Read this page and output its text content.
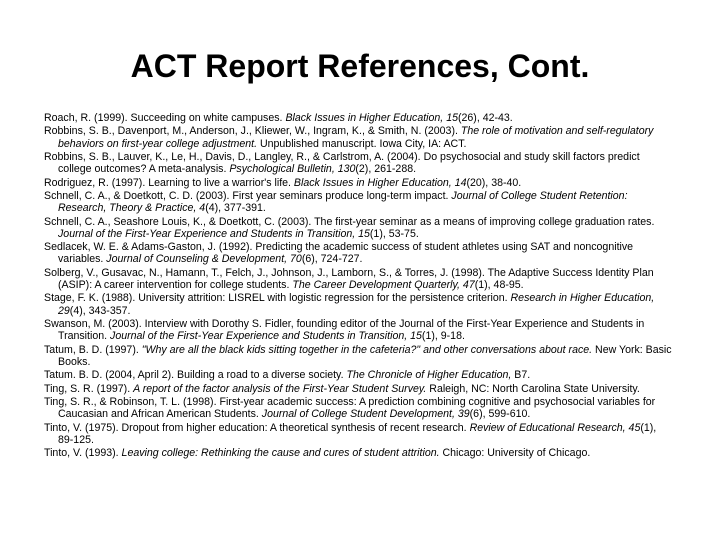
ACT Report References, Cont.
Roach, R. (1999). Succeeding on white campuses. Black Issues in Higher Education, 15(26), 42-43.
Robbins, S. B., Davenport, M., Anderson, J., Kliewer, W., Ingram, K., & Smith, N. (2003). The role of motivation and self-regulatory behaviors on first-year college adjustment. Unpublished manuscript. Iowa City, IA: ACT.
Robbins, S. B., Lauver, K., Le, H., Davis, D., Langley, R., & Carlstrom, A. (2004). Do psychosocial and study skill factors predict college outcomes? A meta-analysis. Psychological Bulletin, 130(2), 261-288.
Rodriguez, R. (1997). Learning to live a warrior's life. Black Issues in Higher Education, 14(20), 38-40.
Schnell, C. A., & Doetkott, C. D. (2003). First year seminars produce long-term impact. Journal of College Student Retention: Research, Theory & Practice, 4(4), 377-391.
Schnell, C. A., Seashore Louis, K., & Doetkott, C. (2003). The first-year seminar as a means of improving college graduation rates. Journal of the First-Year Experience and Students in Transition, 15(1), 53-75.
Sedlacek, W. E. & Adams-Gaston, J. (1992). Predicting the academic success of student athletes using SAT and noncognitive variables. Journal of Counseling & Development, 70(6), 724-727.
Solberg, V., Gusavac, N., Hamann, T., Felch, J., Johnson, J., Lamborn, S., & Torres, J. (1998). The Adaptive Success Identity Plan (ASIP): A career intervention for college students. The Career Development Quarterly, 47(1), 48-95.
Stage, F. K. (1988). University attrition: LISREL with logistic regression for the persistence criterion. Research in Higher Education, 29(4), 343-357.
Swanson, M. (2003). Interview with Dorothy S. Fidler, founding editor of the Journal of the First-Year Experience and Students in Transition. Journal of the First-Year Experience and Students in Transition, 15(1), 9-18.
Tatum, B. D. (1997). "Why are all the black kids sitting together in the cafeteria?" and other conversations about race. New York: Basic Books.
Tatum. B. D. (2004, April 2). Building a road to a diverse society. The Chronicle of Higher Education, B7.
Ting, S. R. (1997). A report of the factor analysis of the First-Year Student Survey. Raleigh, NC: North Carolina State University.
Ting, S. R., & Robinson, T. L. (1998). First-year academic success: A prediction combining cognitive and psychosocial variables for Caucasian and African American Students. Journal of College Student Development, 39(6), 599-610.
Tinto, V. (1975). Dropout from higher education: A theoretical synthesis of recent research. Review of Educational Research, 45(1), 89-125.
Tinto, V. (1993). Leaving college: Rethinking the cause and cures of student attrition. Chicago: University of Chicago.
